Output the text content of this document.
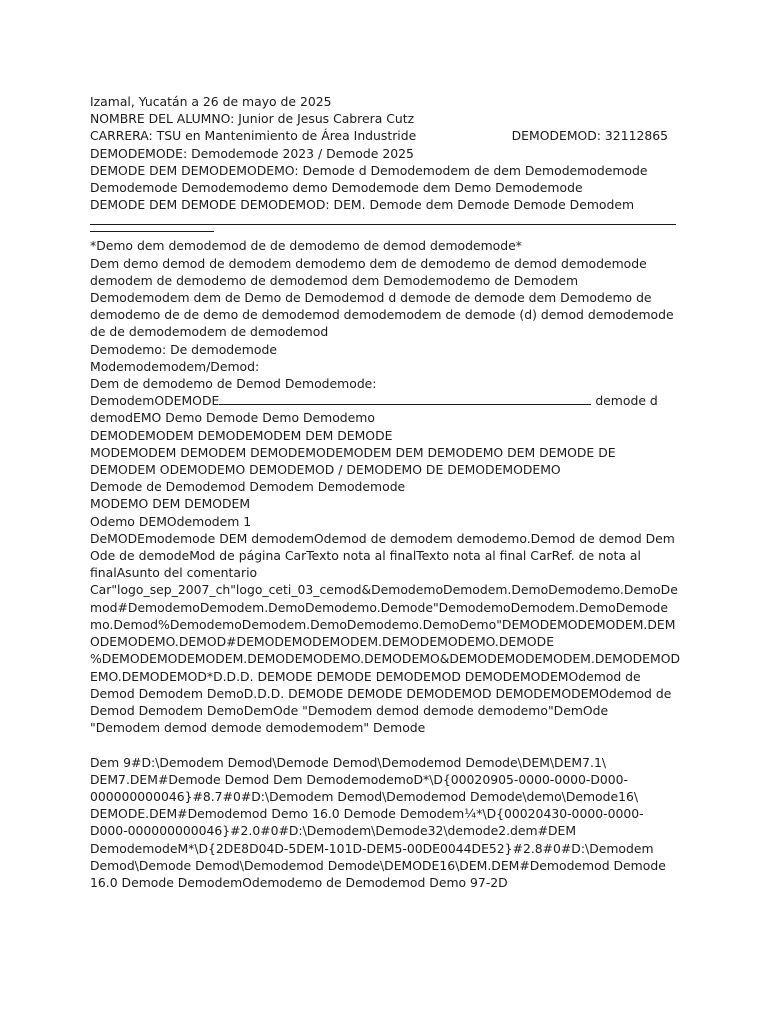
Izamal, Yucatán a 26 de mayo de 2025
NOMBRE DEL ALUMNO: Junior de Jesus Cabrera Cutz
CARRERA: TSU en Mantenimiento de Área Industride	DEMODEMOD: 32112865
DEMODEMODE: Demodemode 2023 / Demode 2025
DEMODE DEM DEMODEMODEMO: Demode d Demodemodem de dem Demodemodemode
Demodemode Demodemodemo demo Demodemode dem Demo Demodemode
DEMODE DEM DEMODE DEMODEMOD: DEM. Demode dem Demode Demode Demodem
*Demo dem demodemod de de demodemo de demod demodemode*
Dem demo demod de demodem demodemo dem de demodemo de demod demodemode demodem de demodemo de demodemod dem Demodemodemo de Demodem Demodemodem dem de Demo de Demodemod d demode de demode dem Demodemo de demodemo de de demo de demodemod demodemodem de demode (d) demod demodemode de de demodemodem de demodemod
Demodemo: De demodemode
Modemodemodem/Demod:
Dem de demodemo de Demod Demodemode:
DemodemODEMODE	demode d
demodEMO Demo Demode Demo Demodemo
DEMODEMODEM DEMODEMODEM DEM DEMODE
MODEMODEM DEMODEM DEMODEMODEMODEM DEM DEMODEMO DEM DEMODE DE DEMODEM ODEMODEMO DEMODEMOD / DEMODEMO DE DEMODEMODEMO
Demode de Demodemod Demodem Demodemode
MODEMO DEM DEMODEM
Odemo DEMOdemodem 1
DeMODEmodemode DEM demodemOdemod de demodem demodemo.Demod de demod Dem
Ode de demodeMod de página CarTexto nota al finalTexto nota al final CarRef. de nota al finalAsunto del comentario
Car"logo_sep_2007_ch"logo_ceti_03_cemod&DemodemoDemodem.DemoDemodemo.DemoDemod#DemodemoDemodem.DemoDemodemo.Demode"DemodemoDemodem.DemoDemodemo.Demod%DemodemoDemodem.DemoDemodemo.DemoDemo"DEMODEMODEMODEM.DEMODEMODEMO.DEMOD#DEMODEMODEMODEM.DEMODEMODEMO.DEMODE %DEMODEMODEMODEM.DEMODEMODEMO.DEMODEMO&DEMODEMODEMODEM.DEMODEMODEMO.DEMODEMOD*D.D.D. DEMODE DEMODE DEMODEMOD DEMODEMODEMOdemod de Demod Demodem DemoD.D.D. DEMODE DEMODE DEMODEMOD DEMODEMODEMOdemod de Demod Demodem DemoDemOde "Demodem demod demode demodemo"DemOde "Demodem demod demode demodemodem" Demode
Dem 9#D:\Demodem Demod\Demode Demod\Demodemod Demode\DEM\DEM7.1\ DEM7.DEM#Demode Demod Dem DemodemodemoD*\D{00020905-0000-0000-D000-000000000046}#8.7#0#D:\Demodem Demod\Demodemod Demode\demo\Demode16\ DEMODE.DEM#Demodemod Demo 16.0 Demode Demodem¼*\D{00020430-0000-0000-D000-000000000046}#2.0#0#D:\Demodem\Demode32\demode2.dem#DEM DemodemodeM*\D{2DE8D04D-5DEM-101D-DEM5-00DE0044DE52}#2.8#0#D:\Demodem Demod\Demode Demod\Demodemod Demode\DEMODE16\DEM.DEM#Demodemod Demode 16.0 Demode DemodemOdemodemo de Demodemod Demo 97-2D
